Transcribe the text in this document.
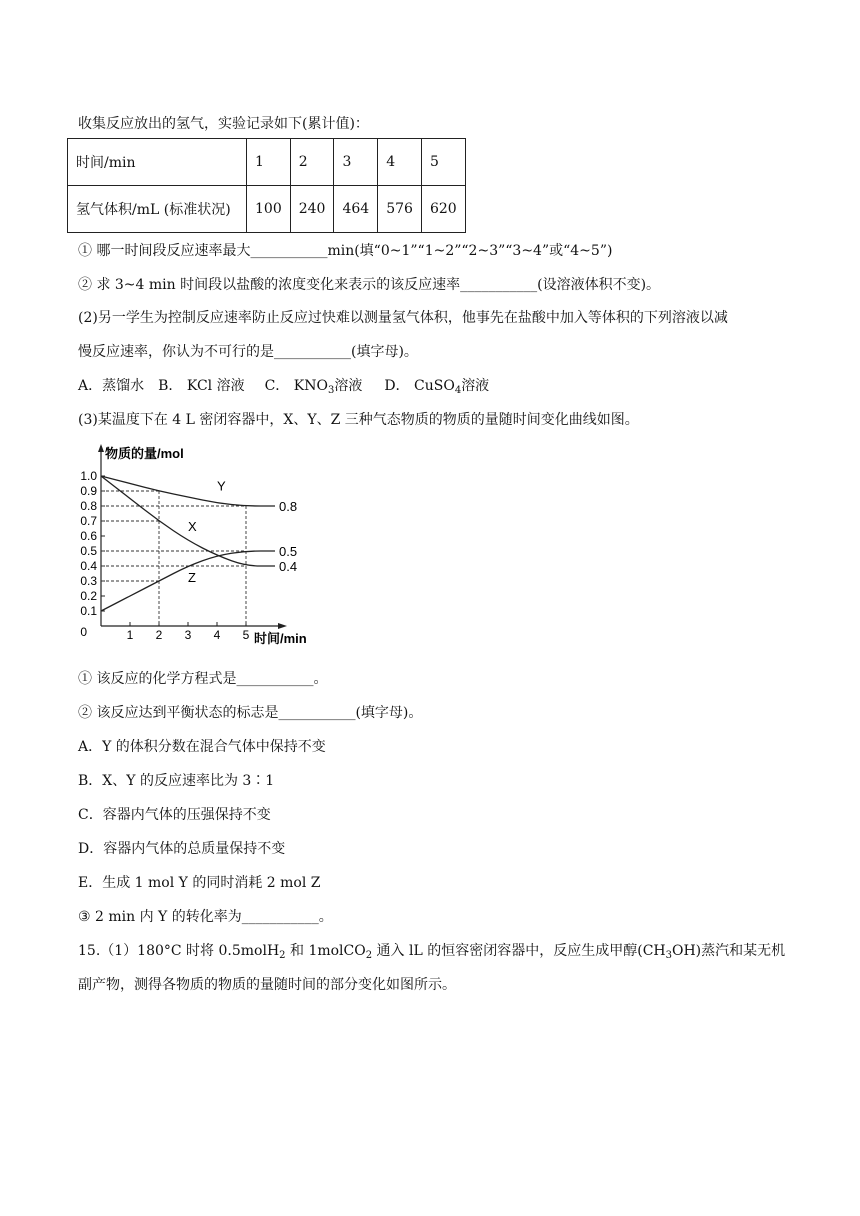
收集反应放出的氢气，实验记录如下(累计值)：
时间/min	1	2	3	4	5
氢气体积/mL (标准状况)	100	240	464	576	620
① 哪一时间段反应速率最大___________min(填“0~1”“1~2”“2~3”“3~4”或“4~5”)
② 求 3~4 min 时间段以盐酸的浓度变化来表示的该反应速率___________(设溶液体积不变)。
(2)另一学生为控制反应速率防止反应过快难以测量氢气体积，他事先在盐酸中加入等体积的下列溶液以减
慢反应速率，你认为不可行的是___________(填字母)。
A．蒸馏水 B． KCl 溶液 C． $KNO_3$溶液 D． CuSO$_4$溶液
(3)某温度下在 4 L 密闭容器中，X、Y、Z 三种气态物质的物质的量随时间变化曲线如图。
物质的量/mol
时间/min
0
0.1
0.2
0.3
0.4
0.5
0.6
0.7
0.8
0.9
1.0
1 2 3 4 5
Y
0.8
X
0.4
Z
0.5
① 该反应的化学方程式是___________。
② 该反应达到平衡状态的标志是___________(填字母)。
A．Y 的体积分数在混合气体中保持不变
B．X、Y 的反应速率比为 3∶1
C．容器内气体的压强保持不变
D．容器内气体的总质量保持不变
E．生成 1 mol Y 的同时消耗 2 mol Z
③ 2 min 内 Y 的转化率为___________。
15.（1）180°C 时将 0.5molH$_2$ 和 1molCO$_2$ 通入 lL 的恒容密闭容器中，反应生成甲醇$(CH_3OH)$蒸汽和某无机
副产物，测得各物质的物质的量随时间的部分变化如图所示。
